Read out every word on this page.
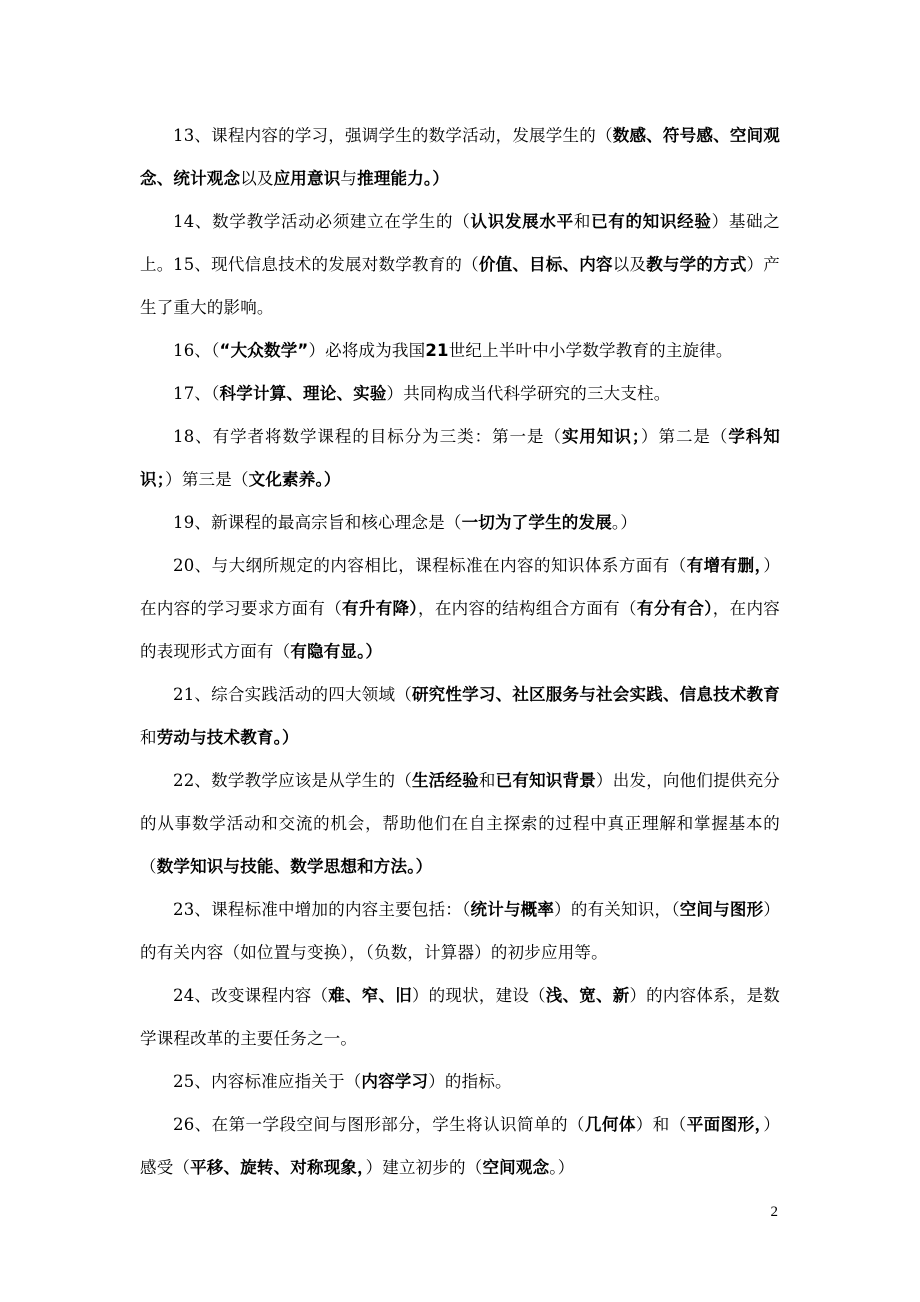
13、课程内容的学习，强调学生的数学活动，发展学生的（数感、符号感、空间观念、统计观念以及应用意识与推理能力。）
14、数学教学活动必须建立在学生的（认识发展水平和已有的知识经验）基础之上。 15、现代信息技术的发展对数学教育的（价值、目标、内容以及教与学的方式）产生了重大的影响。
16、（“大众数学”）必将成为我国21世纪上半叶中小学数学教育的主旋律。
17、（科学计算、理论、实验）共同构成当代科学研究的三大支柱。
18、有学者将数学课程的目标分为三类：第一是（实用知识；）第二是（学科知识；）第三是（文化素养。）
19、新课程的最高宗旨和核心理念是（一切为了学生的发展。）
20、与大纲所规定的内容相比，课程标准在内容的知识体系方面有（有增有删，）在内容的学习要求方面有（有升有降），在内容的结构组合方面有（有分有合），在内容的表现形式方面有（有隐有显。）
21、综合实践活动的四大领域（研究性学习、社区服务与社会实践、信息技术教育和劳动与技术教育。）
22、数学教学应该是从学生的（生活经验和已有知识背景）出发，向他们提供充分的从事数学活动和交流的机会，帮助他们在自主探索的过程中真正理解和掌握基本的（数学知识与技能、数学思想和方法。）
23、课程标准中增加的内容主要包括：（统计与概率）的有关知识，（空间与图形）的有关内容（如位置与变换），（负数，计算器）的初步应用等。
24、改变课程内容（难、窄、旧）的现状，建设（浅、宽、新）的内容体系，是数学课程改革的主要任务之一。
25、内容标准应指关于（内容学习）的指标。
26、在第一学段空间与图形部分，学生将认识简单的（几何体）和（平面图形，）感受（平移、旋转、对称现象，）建立初步的（空间观念。）
2
